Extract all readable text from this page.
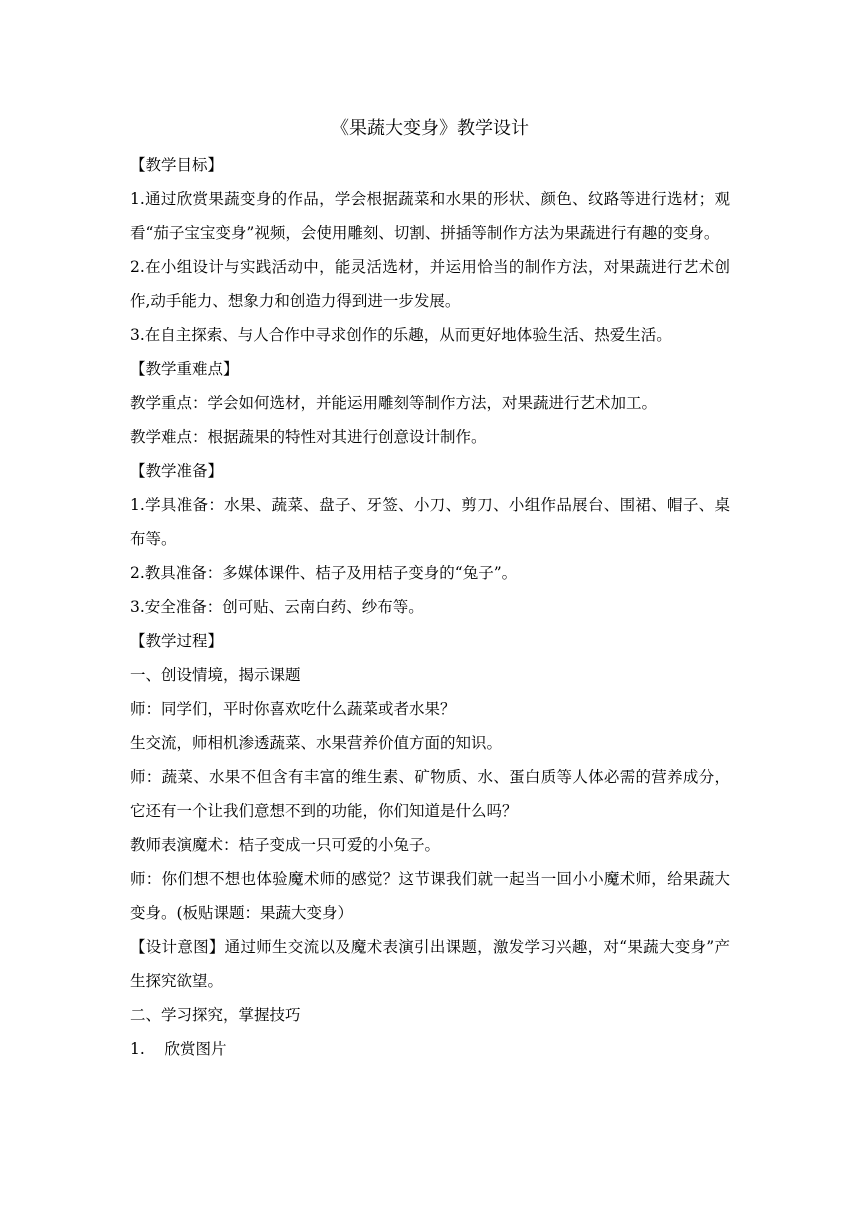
《果蔬大变身》教学设计
【教学目标】
1.通过欣赏果蔬变身的作品，学会根据蔬菜和水果的形状、颜色、纹路等进行选材；观看“茄子宝宝变身”视频，会使用雕刻、切割、拼插等制作方法为果蔬进行有趣的变身。
2.在小组设计与实践活动中，能灵活选材，并运用恰当的制作方法，对果蔬进行艺术创作,动手能力、想象力和创造力得到进一步发展。
3.在自主探索、与人合作中寻求创作的乐趣，从而更好地体验生活、热爱生活。
【教学重难点】
教学重点：学会如何选材，并能运用雕刻等制作方法，对果蔬进行艺术加工。
教学难点：根据蔬果的特性对其进行创意设计制作。
【教学准备】
1.学具准备：水果、蔬菜、盘子、牙签、小刀、剪刀、小组作品展台、围裙、帽子、桌布等。
2.教具准备：多媒体课件、桔子及用桔子变身的“兔子”。
3.安全准备：创可贴、云南白药、纱布等。
【教学过程】
一、创设情境，揭示课题
师：同学们，平时你喜欢吃什么蔬菜或者水果？
生交流，师相机渗透蔬菜、水果营养价值方面的知识。
师：蔬菜、水果不但含有丰富的维生素、矿物质、水、蛋白质等人体必需的营养成分，它还有一个让我们意想不到的功能，你们知道是什么吗？
教师表演魔术：桔子变成一只可爱的小兔子。
师：你们想不想也体验魔术师的感觉？这节课我们就一起当一回小小魔术师，给果蔬大变身。(板贴课题：果蔬大变身）
【设计意图】通过师生交流以及魔术表演引出课题，激发学习兴趣，对“果蔬大变身”产生探究欲望。
二、学习探究，掌握技巧
1.    欣赏图片
